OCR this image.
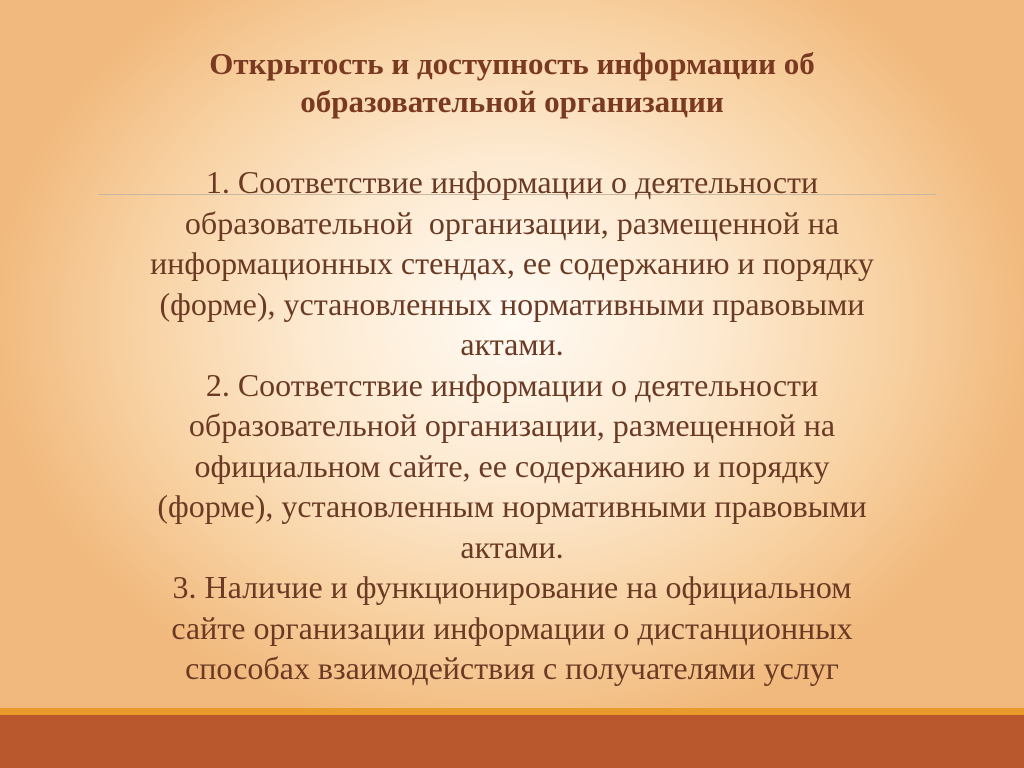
Открытость и доступность информации об
образовательной организации

1. Соответствие информации о деятельности
образовательной  организации, размещенной на
информационных стендах, ее содержанию и порядку
(форме), установленных нормативными правовыми
актами.

2. Соответствие информации о деятельности
образовательной организации, размещенной на
официальном сайте, ее содержанию и порядку
(форме), установленным нормативными правовыми
актами.

3. Наличие и функционирование на официальном
сайте организации информации о дистанционных
способах взаимодействия с получателями услуг
